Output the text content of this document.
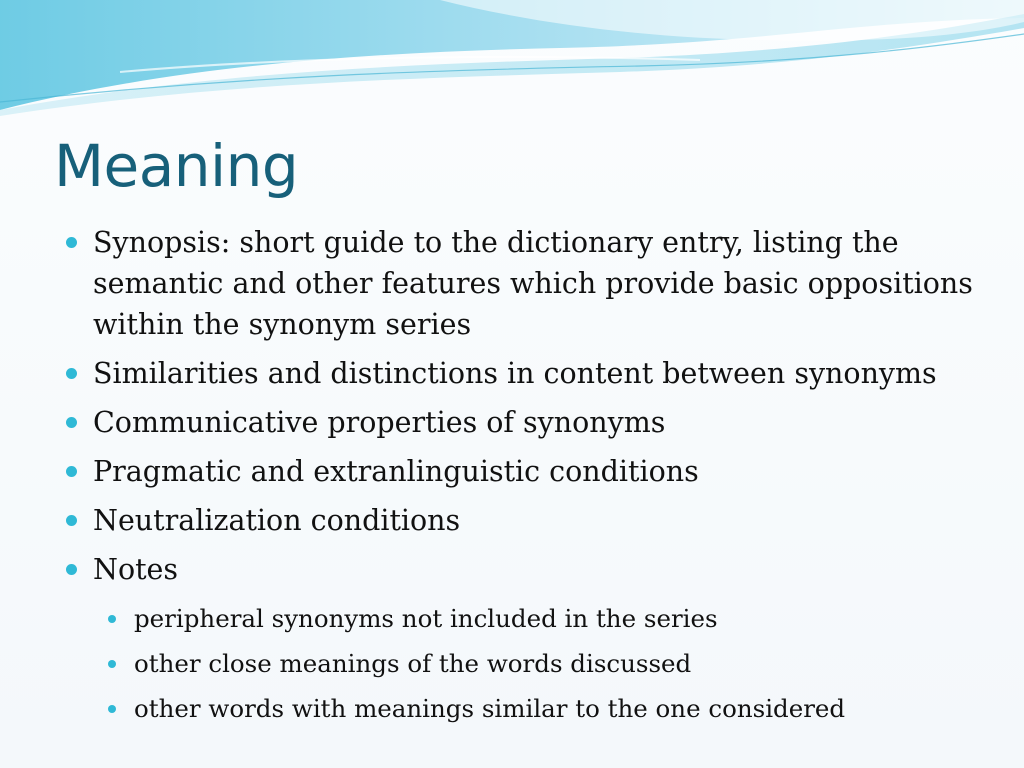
Meaning
Synopsis: short guide to the dictionary entry, listing the semantic and other features which provide basic oppositions within the synonym series
Similarities and distinctions in content between synonyms
Communicative properties of synonyms
Pragmatic and extranlinguistic conditions
Neutralization conditions
Notes
peripheral synonyms not included in the series
other close meanings of the words discussed
other words with meanings similar to the one considered
